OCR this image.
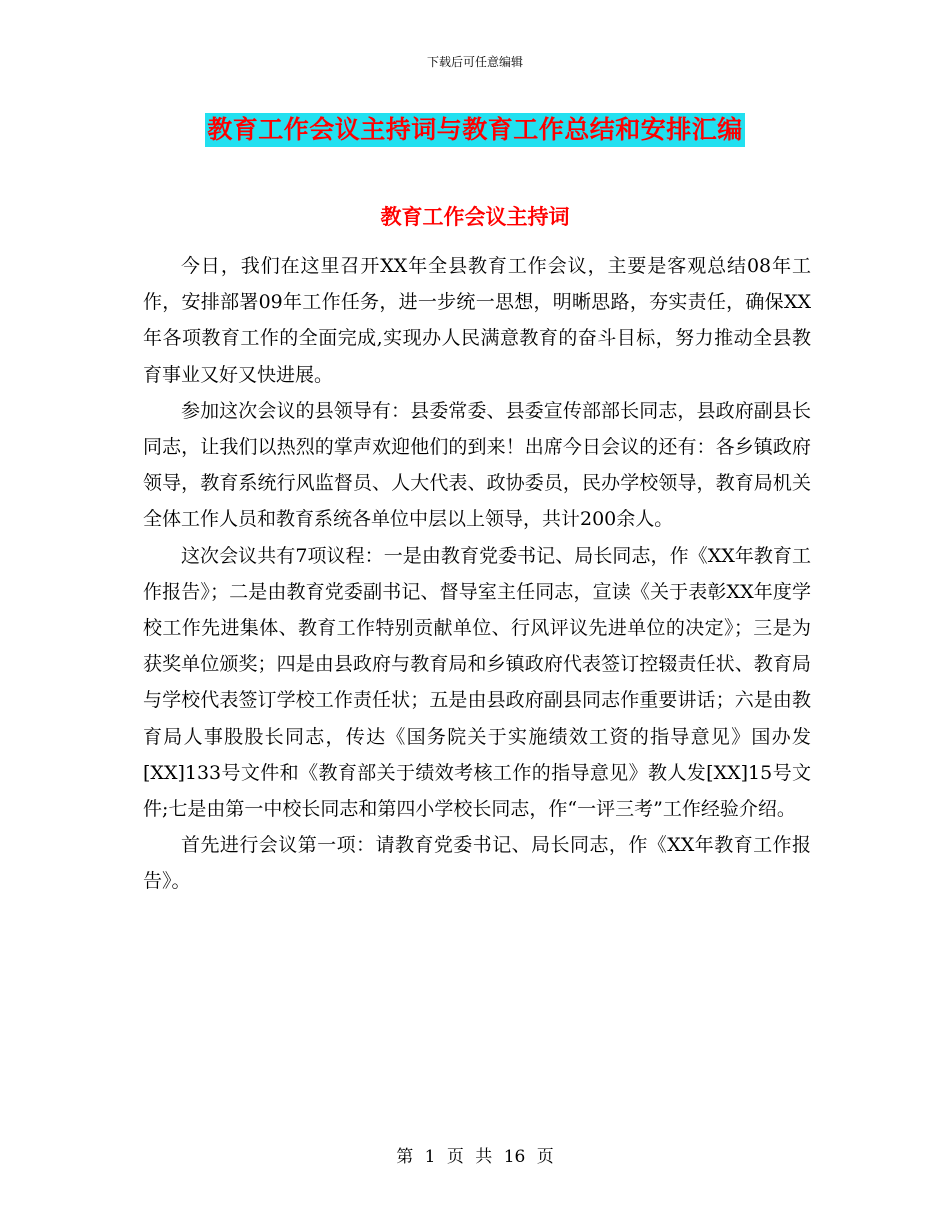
下载后可任意编辑
教育工作会议主持词与教育工作总结和安排汇编
教育工作会议主持词

今日，我们在这里召开XX年全县教育工作会议，主要是客观总结08年工作，安排部署09年工作任务，进一步统一思想，明晰思路，夯实责任，确保XX年各项教育工作的全面完成,实现办人民满意教育的奋斗目标，努力推动全县教育事业又好又快进展。

参加这次会议的县领导有：县委常委、县委宣传部部长同志，县政府副县长同志，让我们以热烈的掌声欢迎他们的到来！出席今日会议的还有：各乡镇政府领导，教育系统行风监督员、人大代表、政协委员，民办学校领导，教育局机关全体工作人员和教育系统各单位中层以上领导，共计200余人。

这次会议共有7项议程：一是由教育党委书记、局长同志，作《XX年教育工作报告》；二是由教育党委副书记、督导室主任同志，宣读《关于表彰XX年度学校工作先进集体、教育工作特别贡献单位、行风评议先进单位的决定》；三是为获奖单位颁奖；四是由县政府与教育局和乡镇政府代表签订控辍责任状、教育局与学校代表签订学校工作责任状；五是由县政府副县同志作重要讲话；六是由教育局人事股股长同志，传达《国务院关于实施绩效工资的指导意见》国办发[XX]133号文件和《教育部关于绩效考核工作的指导意见》教人发[XX]15号文件;七是由第一中校长同志和第四小学校长同志，作“一评三考”工作经验介绍。

首先进行会议第一项：请教育党委书记、局长同志，作《XX年教育工作报告》。

第 1 页 共 16 页
